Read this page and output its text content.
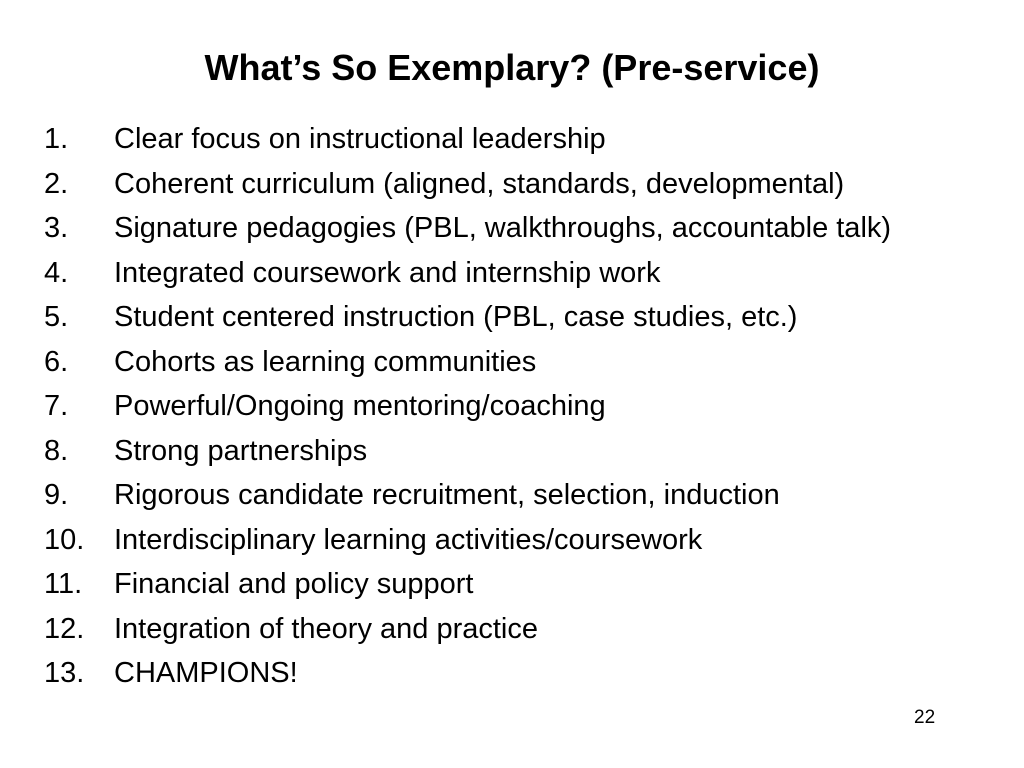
What’s So Exemplary? (Pre-service)
1.	Clear focus on instructional leadership
2.	Coherent curriculum (aligned, standards, developmental)
3.	Signature pedagogies (PBL, walkthroughs, accountable talk)
4.	Integrated coursework and internship work
5.	Student centered instruction (PBL, case studies, etc.)
6.	Cohorts as learning communities
7.	Powerful/Ongoing mentoring/coaching
8.	Strong partnerships
9.	Rigorous candidate recruitment, selection, induction
10.	Interdisciplinary learning activities/coursework
11.	Financial and policy support
12.	Integration of theory and practice
13.	CHAMPIONS!
22
